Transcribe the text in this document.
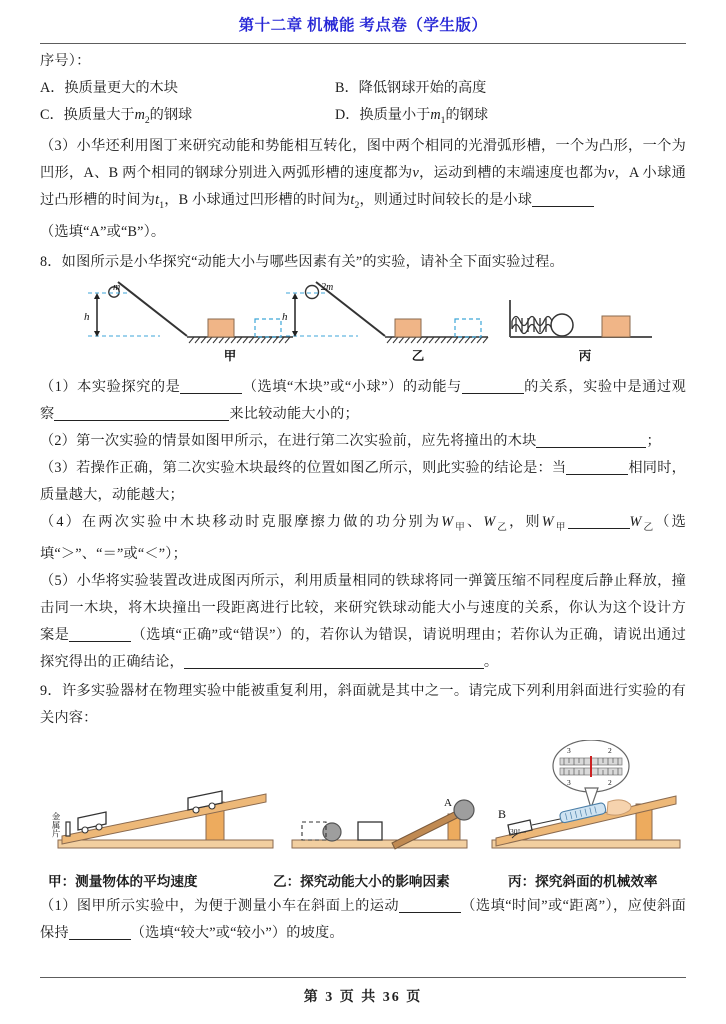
第十二章 机械能 考点卷（学生版）
序号）：
A．换质量更大的木块	B．降低钢球开始的高度
C．换质量大于$m_2$的钢球	D．换质量小于$m_1$的钢球
（3）小华还利用图丁来研究动能和势能相互转化，图中两个相同的光滑弧形槽，一个为凸形，一个为凹形，A、B 两个相同的钢球分别进入两弧形槽的速度都为v，运动到槽的末端速度也都为v，A 小球通过凸形槽的时间为$t_1$，B 小球通过凹形槽的时间为$t_2$，则通过时间较长的是小球
（选填“A”或“B”）。
8．如图所示是小华探究“动能大小与哪些因素有关”的实验，请补全下面实验过程。
m
h
甲
2m
h
乙	丙
（1）本实验探究的是	（选填“木块”或“小球”）的动能与	的关系，实验中是通过观察	来比较动能大小的；
（2）第一次实验的情景如图甲所示，在进行第二次实验前，应先将撞出的木块	；
（3）若操作正确，第二次实验木块最终的位置如图乙所示，则此实验的结论是：当	相同时，质量越大，动能越大；
（4）在两次实验中木块移动时克服摩擦力做的功分别为$W_甲$、$W_乙$，则$W_甲$	$W_乙$（选填“＞”、“＝”或“＜”）；
（5）小华将实验装置改进成图丙所示，利用质量相同的铁球将同一弹簧压缩不同程度后静止释放，撞击同一木块，将木块撞出一段距离进行比较，来研究铁球动能大小与速度的关系，你认为这个设计方案是	（选填“正确”或“错误”）的，若你认为错误，请说明理由；若你认为正确，请说出通过探究得出的正确结论，	。
9．许多实验器材在物理实验中能被重复利用，斜面就是其中之一。请完成下列利用斜面进行实验的有关内容：
金属片
A
3	2
3	2
30°
B
甲：测量物体的平均速度	乙：探究动能大小的影响因素	丙：探究斜面的机械效率
（1）图甲所示实验中，为便于测量小车在斜面上的运动	（选填“时间”或“距离”），应使斜面保持	（选填“较大”或“较小”）的坡度。
第 3 页 共 36 页
